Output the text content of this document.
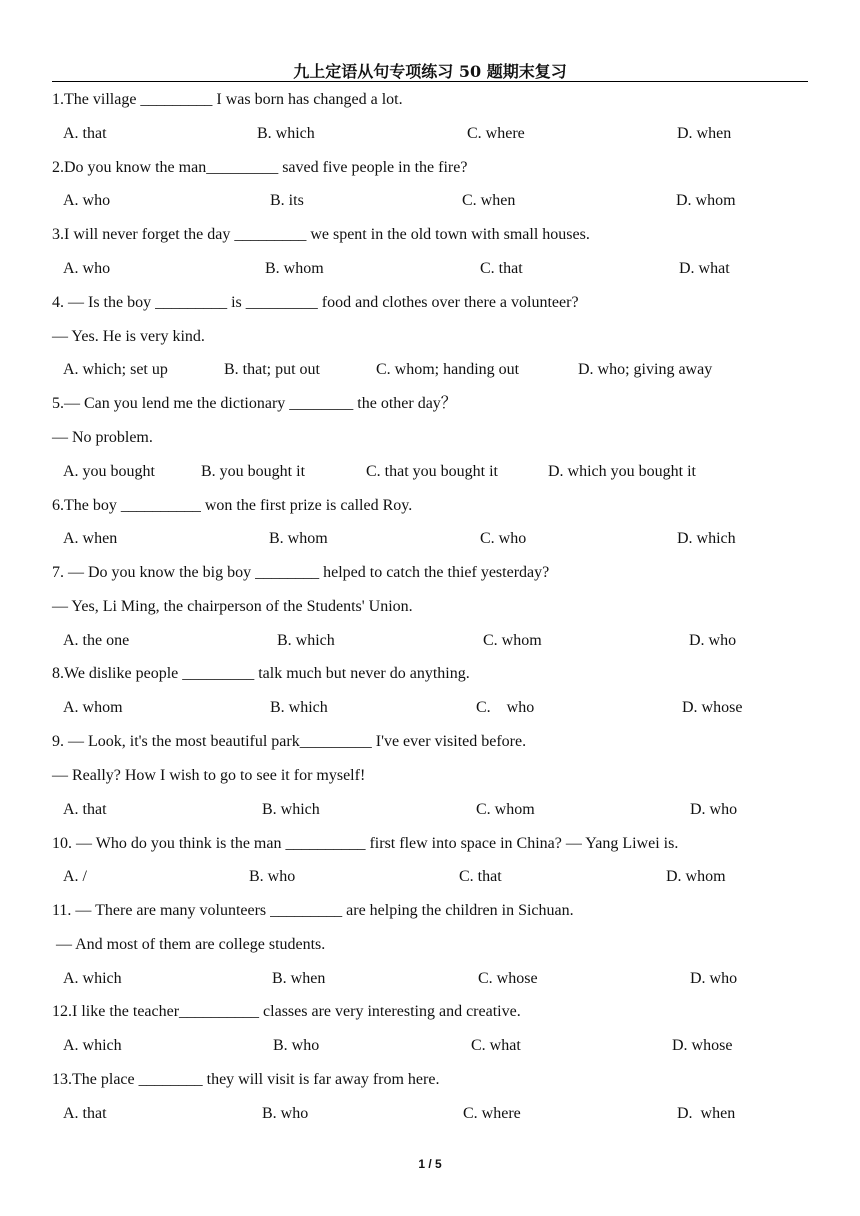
九上定语从句专项练习 50 题期末复习
1.The village _________ I was born has changed a lot.
A. that	B. which	C. where	D. when
2.Do you know the man_________ saved five people in the fire?
A. who	B. its	C. when	D. whom
3.I will never forget the day _________ we spent in the old town with small houses.
A. who	B. whom	C. that	D. what
4. — Is the boy _________ is _________ food and clothes over there a volunteer?
— Yes. He is very kind.
A. which; set up	B. that; put out	C. whom; handing out	D. who; giving away
5.— Can you lend me the dictionary ________ the other day？
— No problem.
A. you bought	B. you bought it	C. that you bought it	D. which you bought it
6.The boy __________ won the first prize is called Roy.
A. when	B. whom	C. who	D. which
7. — Do you know the big boy ________ helped to catch the thief yesterday?
— Yes, Li Ming, the chairperson of the Students' Union.
A. the one	B. which	C. whom	D. who
8.We dislike people _________ talk much but never do anything.
A. whom	B. which	C.    who	D. whose
9. — Look, it's the most beautiful park_________ I've ever visited before.
— Really? How I wish to go to see it for myself!
A. that	B. which	C. whom	D. who
10. — Who do you think is the man __________ first flew into space in China? — Yang Liwei is.
A. /	B. who	C. that	D. whom
11. — There are many volunteers _________ are helping the children in Sichuan.
— And most of them are college students.
A. which	B. when	C. whose	D. who
12.I like the teacher__________ classes are very interesting and creative.
A. which	B. who	C. what	D. whose
13.The place ________ they will visit is far away from here.
A. that	B. who	C. where	D.  when
1 / 5
